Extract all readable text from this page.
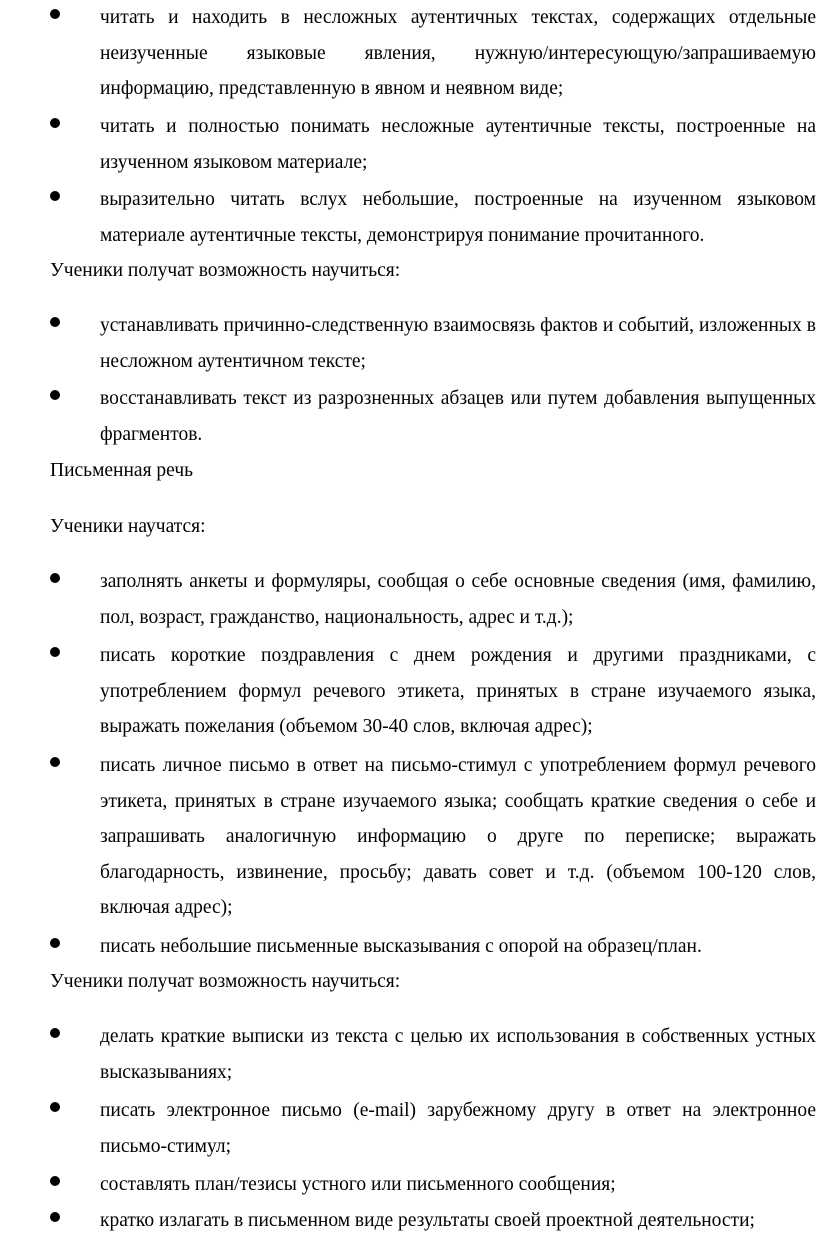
читать и находить в несложных аутентичных текстах, содержащих отдельные неизученные языковые явления, нужную/интересующую/запрашиваемую информацию, представленную в явном и неявном виде;
читать и полностью понимать несложные аутентичные тексты, построенные на изученном языковом материале;
выразительно читать вслух небольшие, построенные на изученном языковом материале аутентичные тексты, демонстрируя понимание прочитанного.
Ученики получат возможность научиться:
устанавливать причинно-следственную взаимосвязь фактов и событий, изложенных в несложном аутентичном тексте;
восстанавливать текст из разрозненных абзацев или путем добавления выпущенных фрагментов.
Письменная речь
Ученики научатся:
заполнять анкеты и формуляры, сообщая о себе основные сведения (имя, фамилию, пол, возраст, гражданство, национальность, адрес и т.д.);
писать короткие поздравления с днем рождения и другими праздниками, с употреблением формул речевого этикета, принятых в стране изучаемого языка, выражать пожелания (объемом 30-40 слов, включая адрес);
писать личное письмо в ответ на письмо-стимул с употреблением формул речевого этикета, принятых в стране изучаемого языка; сообщать краткие сведения о себе и запрашивать аналогичную информацию о друге по переписке; выражать благодарность, извинение, просьбу; давать совет и т.д. (объемом 100-120 слов, включая адрес);
писать небольшие письменные высказывания с опорой на образец/план.
Ученики получат возможность научиться:
делать краткие выписки из текста с целью их использования в собственных устных высказываниях;
писать электронное письмо (e-mail) зарубежному другу в ответ на электронное письмо-стимул;
составлять план/тезисы устного или письменного сообщения;
кратко излагать в письменном виде результаты своей проектной деятельности;
